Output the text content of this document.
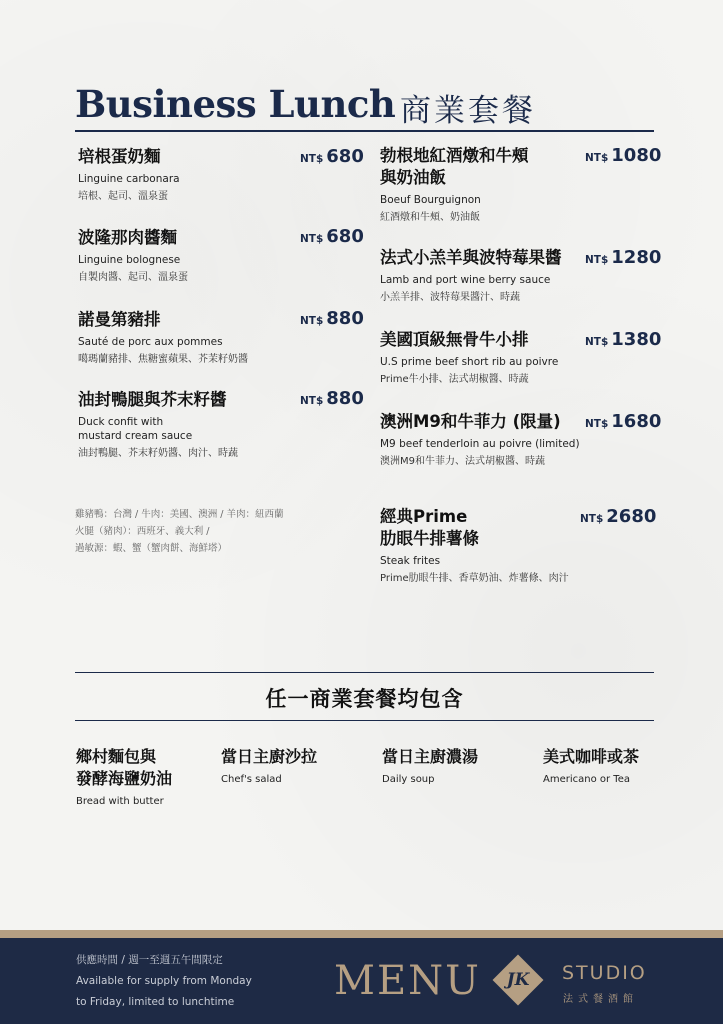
Business Lunch 商業套餐
培根蛋奶麵
Linguine carbonara
培根、起司、溫泉蛋
NT$ 680
波隆那肉醬麵
Linguine bolognese
自製肉醬、起司、溫泉蛋
NT$ 680
諾曼第豬排
Sauté de porc aux pommes
噶瑪蘭豬排、焦糖蜜蘋果、芥茉籽奶醬
NT$ 880
油封鴨腿與芥末籽醬
Duck confit with
mustard cream sauce
油封鴨腿、芥末籽奶醬、肉汁、時蔬
NT$ 880
雞豬鴨：台灣 / 牛肉：美國、澳洲 / 羊肉：紐西蘭
火腿（豬肉）：西班牙、義大利 /
過敏源：蝦、蟹（蟹肉餅、海鮮塔）
勃根地紅酒燉和牛頰
與奶油飯
Boeuf Bourguignon
紅酒燉和牛頰、奶油飯
NT$ 1080
法式小羔羊與波特莓果醬
Lamb and port wine berry sauce
小羔羊排、波特莓果醬汁、時蔬
NT$ 1280
美國頂級無骨牛小排
U.S prime beef short rib au poivre
Prime牛小排、法式胡椒醬、時蔬
NT$ 1380
澳洲M9和牛菲力 (限量)
M9 beef tenderloin au poivre (limited)
澳洲M9和牛菲力、法式胡椒醬、時蔬
NT$ 1680
經典Prime
肋眼牛排薯條
Steak frites
Prime肋眼牛排、香草奶油、炸薯條、肉汁
NT$ 2680
任一商業套餐均包含
鄉村麵包與
發酵海鹽奶油
Bread with butter
當日主廚沙拉
Chef's salad
當日主廚濃湯
Daily soup
美式咖啡或茶
Americano or Tea
供應時間 / 週一至週五午間限定
Available for supply from Monday
to Friday, limited to lunchtime	MENU	JK	STUDIO
法式餐酒館
